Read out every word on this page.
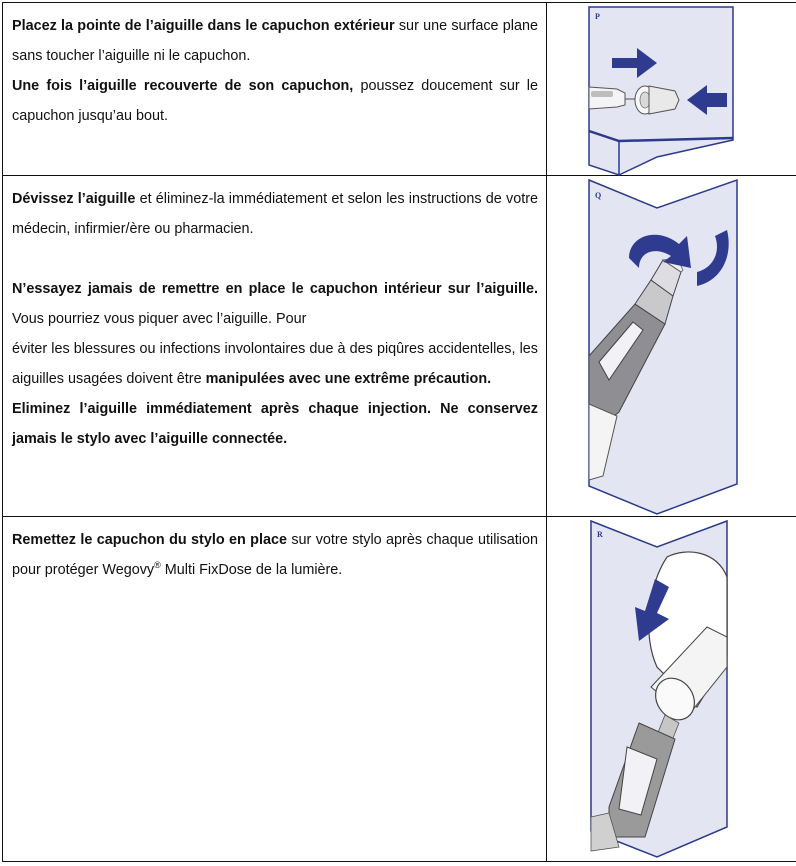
Placez la pointe de l’aiguille dans le capuchon extérieur sur une surface plane sans toucher l’aiguille ni le capuchon.

Une fois l’aiguille recouverte de son capuchon, poussez doucement sur le capuchon jusqu’au bout.	P

Dévissez l’aiguille et éliminez-la immédiatement et selon les instructions de votre médecin, infirmier/ère ou pharmacien.

N’essayez jamais de remettre en place le capuchon intérieur sur l’aiguille. Vous pourriez vous piquer avec l’aiguille. Pour

éviter les blessures ou infections involontaires due à des piqûres accidentelles, les aiguilles usagées doivent être manipulées avec une extrême précaution.

Eliminez l’aiguille immédiatement après chaque injection. Ne conservez jamais le stylo avec l’aiguille connectée.	Q

Remettez le capuchon du stylo en place sur votre stylo après chaque utilisation pour protéger Wegovy® Multi FixDose de la lumière.	R
